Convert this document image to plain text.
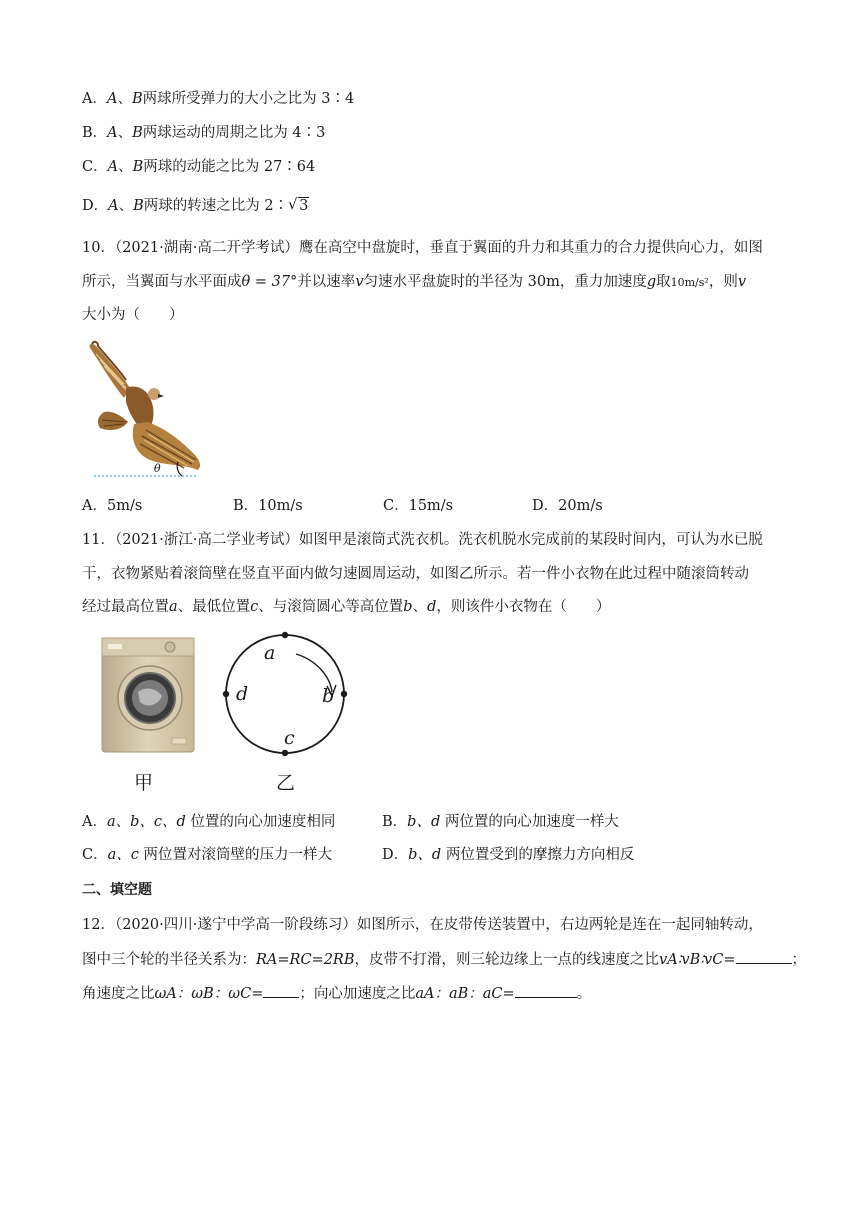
A．A、B两球所受弹力的大小之比为 3∶4
B．A、B两球运动的周期之比为 4∶3
C．A、B两球的动能之比为 27∶64
D．A、B两球的转速之比为 2∶ √ 3
10．（2021·湖南·高二开学考试）鹰在高空中盘旋时，垂直于翼面的升力和其重力的合力提供向心力，如图
所示，当翼面与水平面成θ = 37°并以速率v匀速水平盘旋时的半径为 30m，重力加速度g取10m/s²，则v
大小为（　　）
θ
A．5m/s	B．10m/s	C．15m/s	D．20m/s
11．（2021·浙江·高二学业考试）如图甲是滚筒式洗衣机。洗衣机脱水完成前的某段时间内，可认为水已脱
干，衣物紧贴着滚筒壁在竖直平面内做匀速圆周运动，如图乙所示。若一件小衣物在此过程中随滚筒转动
经过最高位置a、最低位置c、与滚筒圆心等高位置b、d，则该件小衣物在（　　）
甲
a
b
c
d
乙
A．a、b、c、d 位置的向心加速度相同	B．b、d 两位置的向心加速度一样大
C．a、c 两位置对滚筒壁的压力一样大	D．b、d 两位置受到的摩擦力方向相反
二、填空题
12．（2020·四川·遂宁中学高一阶段练习）如图所示，在皮带传送装置中，右边两轮是连在一起同轴转动，
图中三个轮的半径关系为：RA=RC=2RB，皮带不打滑，则三轮边缘上一点的线速度之比vA∶vB∶vC=	；
角速度之比ωA：ωB：ωC= ；向心加速度之比aA：aB：aC=	。
